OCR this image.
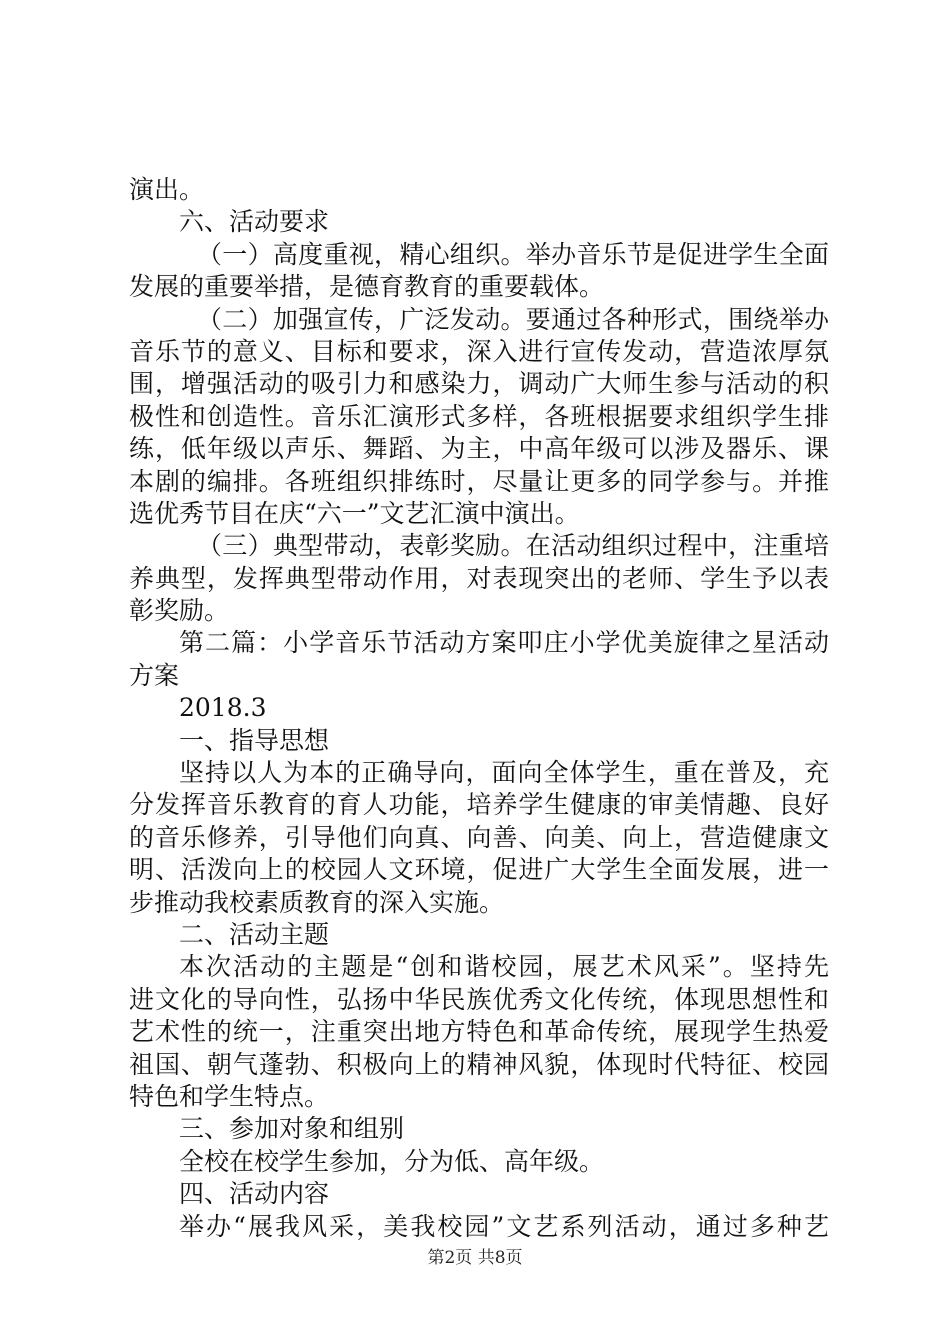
演出。
六、活动要求
（一）高度重视，精心组织。举办音乐节是促进学生全面
发展的重要举措，是德育教育的重要载体。
（二）加强宣传，广泛发动。要通过各种形式，围绕举办
音乐节的意义、目标和要求，深入进行宣传发动，营造浓厚氛
围，增强活动的吸引力和感染力，调动广大师生参与活动的积
极性和创造性。音乐汇演形式多样，各班根据要求组织学生排
练，低年级以声乐、舞蹈、为主，中高年级可以涉及器乐、课
本剧的编排。各班组织排练时，尽量让更多的同学参与。并推
选优秀节目在庆“六一”文艺汇演中演出。
（三）典型带动，表彰奖励。在活动组织过程中，注重培
养典型，发挥典型带动作用，对表现突出的老师、学生予以表
彰奖励。
第二篇：小学音乐节活动方案叩庄小学优美旋律之星活动
方案
2018.3
一、指导思想
坚持以人为本的正确导向，面向全体学生，重在普及，充
分发挥音乐教育的育人功能，培养学生健康的审美情趣、良好
的音乐修养，引导他们向真、向善、向美、向上，营造健康文
明、活泼向上的校园人文环境，促进广大学生全面发展，进一
步推动我校素质教育的深入实施。
二、活动主题
本次活动的主题是“创和谐校园，展艺术风采”。坚持先
进文化的导向性，弘扬中华民族优秀文化传统，体现思想性和
艺术性的统一，注重突出地方特色和革命传统，展现学生热爱
祖国、朝气蓬勃、积极向上的精神风貌，体现时代特征、校园
特色和学生特点。
三、参加对象和组别
全校在校学生参加，分为低、高年级。
四、活动内容
举办“展我风采，美我校园”文艺系列活动，通过多种艺
第2页 共8页
